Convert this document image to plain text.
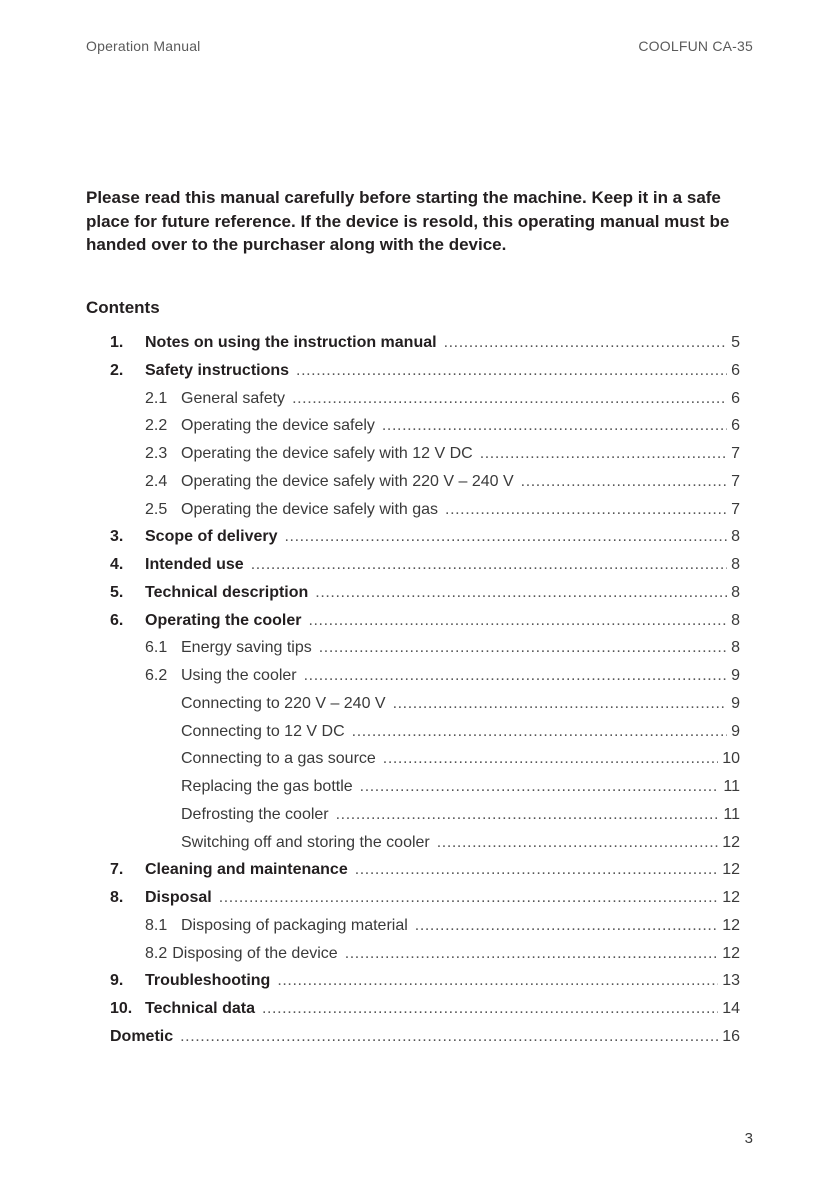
Operation Manual	COOLFUN CA-35

Please read this manual carefully before starting the machine. Keep it in a safe place for future reference. If the device is resold, this operating manual must be handed over to the purchaser along with the device.

Contents
1.	Notes on using the instruction manual .....	5
2.	Safety instructions .....	6
2.1 General safety .....	6
2.2 Operating the device safely .....	6
2.3 Operating the device safely with 12 V DC .....	7
2.4 Operating the device safely with 220 V – 240 V .....	7
2.5 Operating the device safely with gas .....	7
3.	Scope of delivery .....	8
4.	Intended use .....	8
5.	Technical description .....	8
6.	Operating the cooler .....	8
6.1 Energy saving tips .....	8
6.2 Using the cooler .....	9
Connecting to 220 V – 240 V .....	9
Connecting to 12 V DC .....	9
Connecting to a gas source .....	10
Replacing the gas bottle .....	11
Defrosting the cooler .....	11
Switching off and storing the cooler .....	12
7.	Cleaning and maintenance .....	12
8.	Disposal .....	12
8.1 Disposing of packaging material .....	12
8.2 Disposing of the device .....	12
9.	Troubleshooting .....	13
10. Technical data .....	14
Dometic .....	16
3
